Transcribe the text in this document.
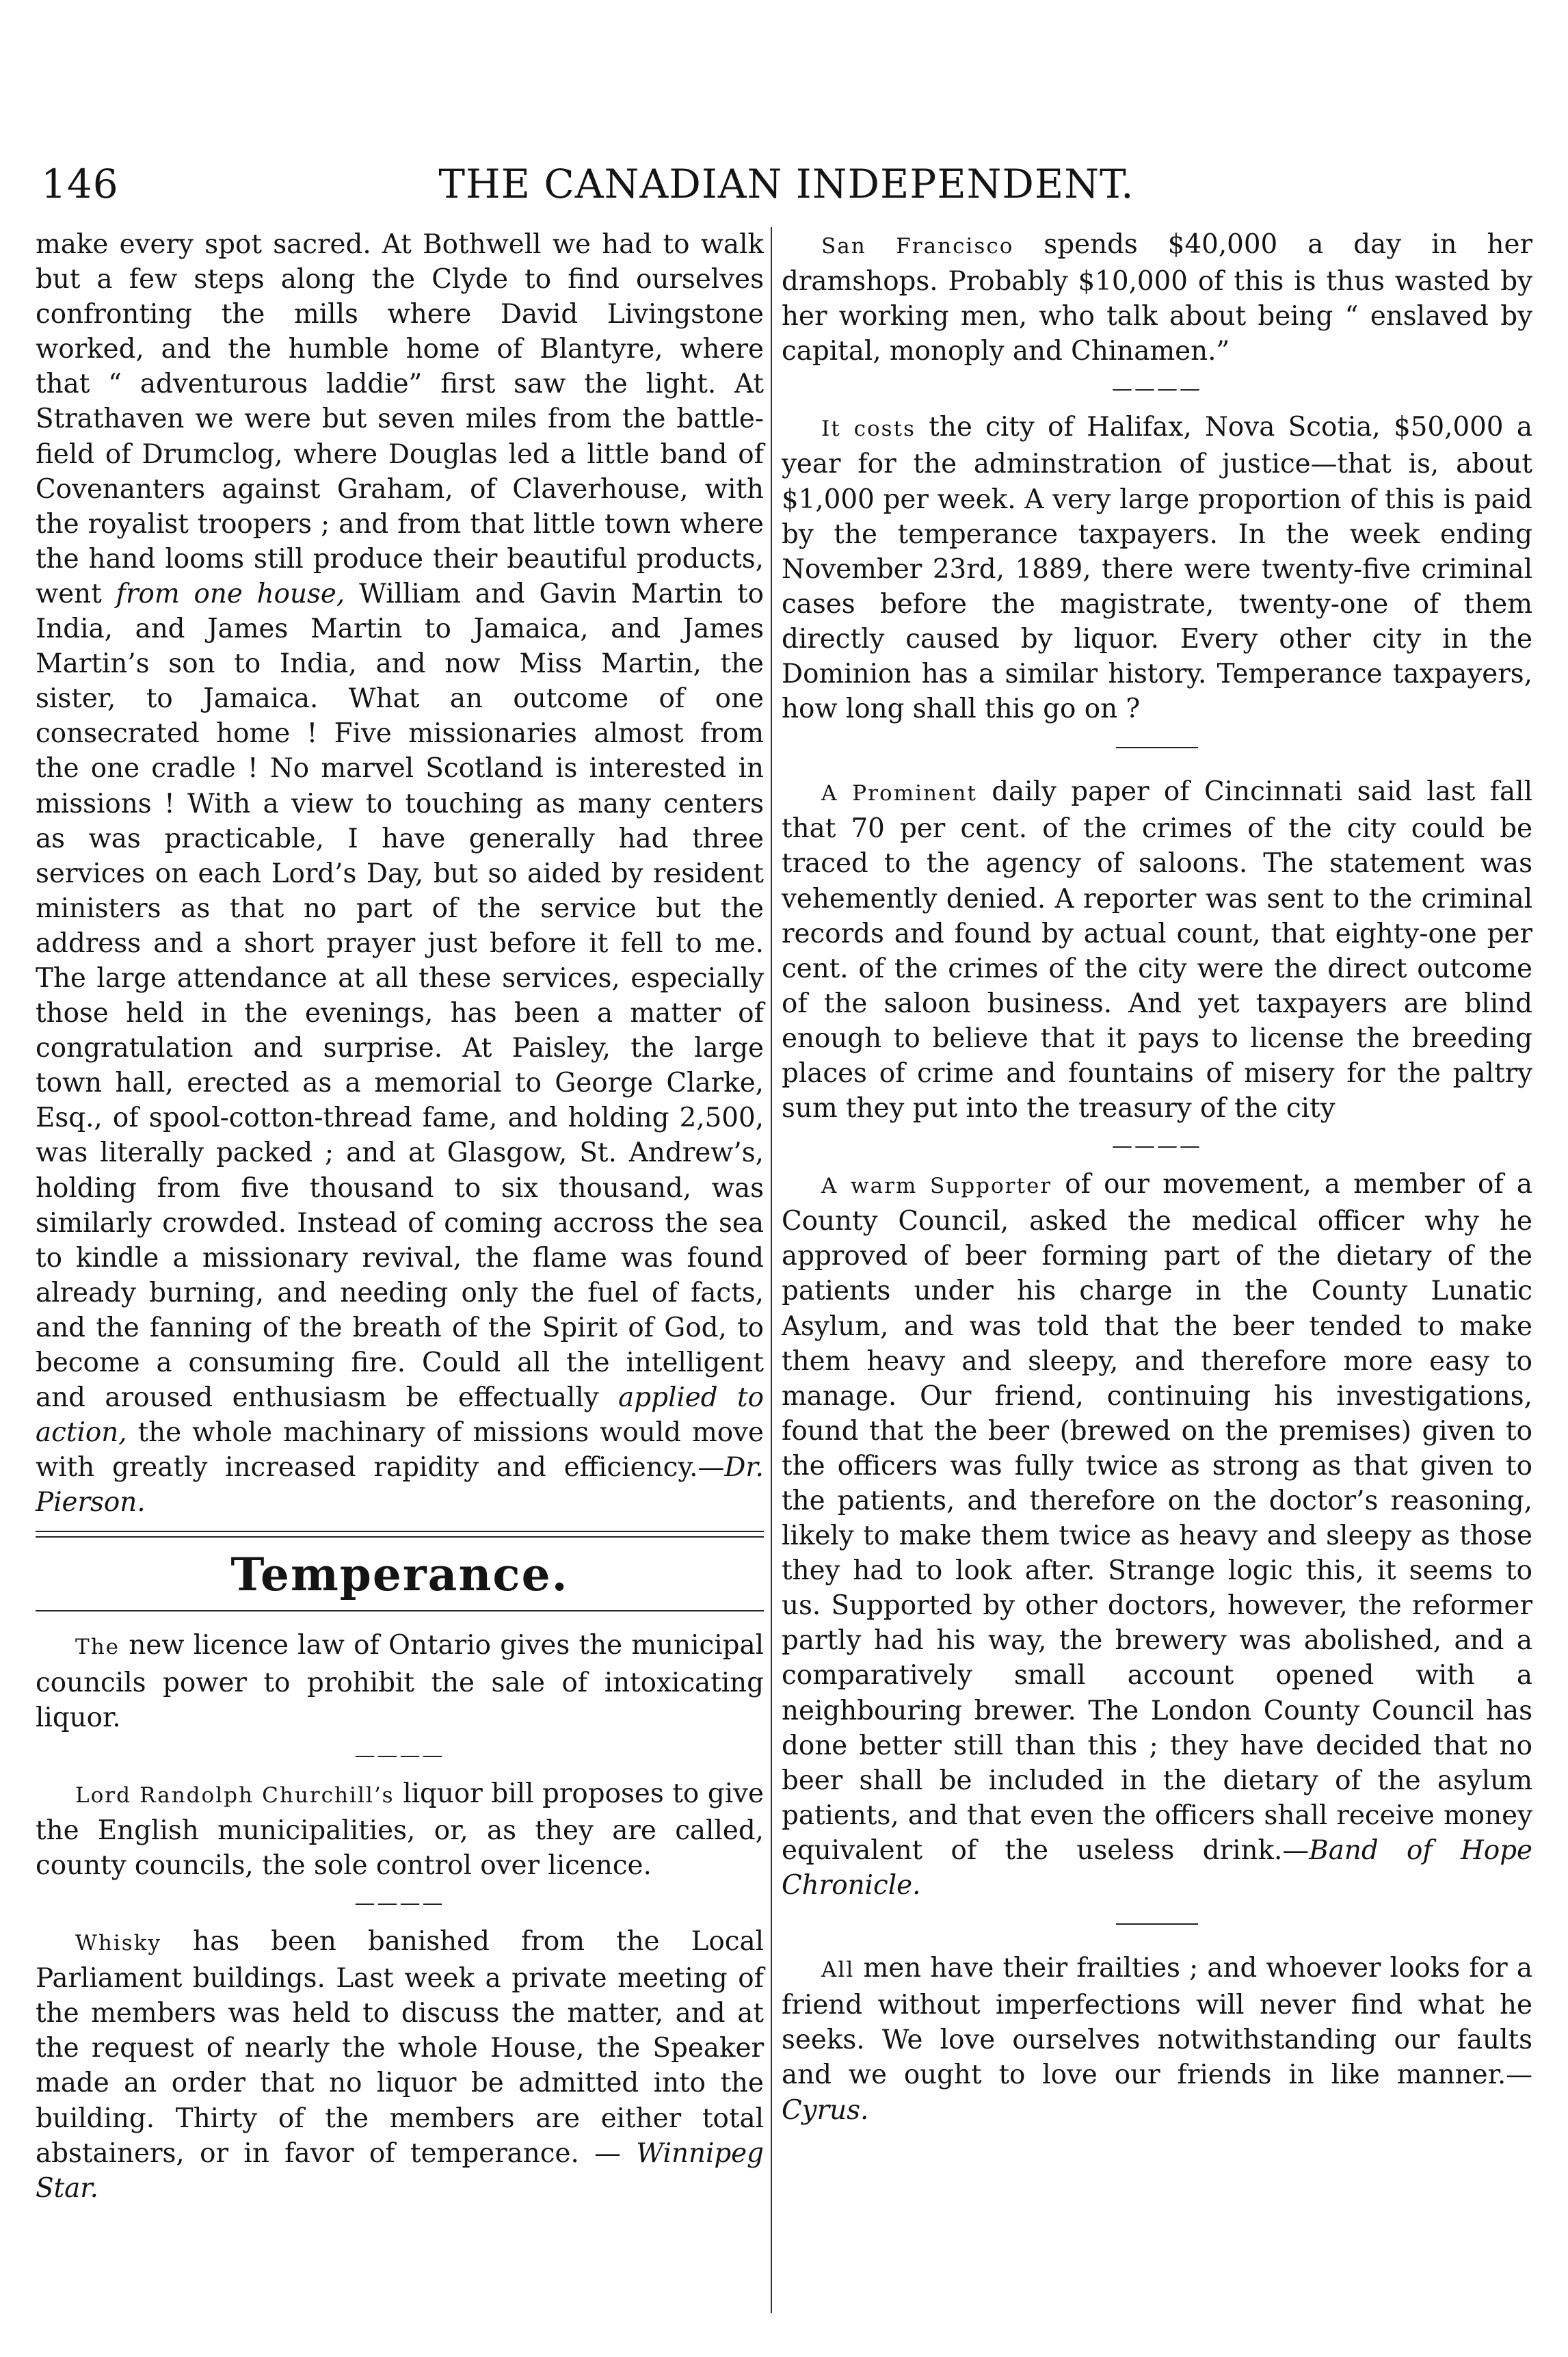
146	THE CANADIAN INDEPENDENT.

make every spot sacred. At Bothwell we had to walk but a few steps along the Clyde to find ourselves confronting the mills where David Livingstone worked, and the humble home of Blantyre, where that “ adventurous laddie” first saw the light. At Strathaven we were but seven miles from the battle-field of Drumclog, where Douglas led a little band of Covenanters against Graham, of Claverhouse, with the royalist troopers ; and from that little town where the hand looms still produce their beautiful products, went from one house, William and Gavin Martin to India, and James Martin to Jamaica, and James Martin’s son to India, and now Miss Martin, the sister, to Jamaica. What an outcome of one consecrated home ! Five missionaries almost from the one cradle ! No marvel Scotland is interested in missions ! With a view to touching as many centers as was practicable, I have generally had three services on each Lord’s Day, but so aided by resident ministers as that no part of the service but the address and a short prayer just before it fell to me. The large attendance at all these services, especially those held in the evenings, has been a matter of congratulation and surprise. At Paisley, the large town hall, erected as a memorial to George Clarke, Esq., of spool-cotton-thread fame, and holding 2,500, was literally packed ; and at Glasgow, St. Andrew’s, holding from five thousand to six thousand, was similarly crowded. Instead of coming accross the sea to kindle a missionary revival, the flame was found already burning, and needing only the fuel of facts, and the fanning of the breath of the Spirit of God, to become a consuming fire. Could all the intelligent and aroused enthusiasm be effectually applied to action, the whole machinary of missions would move with greatly increased rapidity and efficiency.—Dr. Pierson.

Temperance.

The new licence law of Ontario gives the municipal councils power to prohibit the sale of intoxicating liquor.

————

Lord Randolph Churchill’s liquor bill proposes to give the English municipalities, or, as they are called, county councils, the sole control over licence.

————

Whisky has been banished from the Local Parliament buildings. Last week a private meeting of the members was held to discuss the matter, and at the request of nearly the whole House, the Speaker made an order that no liquor be admitted into the building. Thirty of the members are either total abstainers, or in favor of temperance. — Winnipeg Star.

San Francisco spends $40,000 a day in her dramshops. Probably $10,000 of this is thus wasted by her working men, who talk about being “ enslaved by capital, monoply and Chinamen.”

————

It costs the city of Halifax, Nova Scotia, $50,000 a year for the adminstration of justice—that is, about $1,000 per week. A very large proportion of this is paid by the temperance taxpayers. In the week ending November 23rd, 1889, there were twenty-five criminal cases before the magistrate, twenty-one of them directly caused by liquor. Every other city in the Dominion has a similar history. Temperance taxpayers, how long shall this go on ?

A Prominent daily paper of Cincinnati said last fall that 70 per cent. of the crimes of the city could be traced to the agency of saloons. The statement was vehemently denied. A reporter was sent to the criminal records and found by actual count, that eighty-one per cent. of the crimes of the city were the direct outcome of the saloon business. And yet taxpayers are blind enough to believe that it pays to license the breeding places of crime and fountains of misery for the paltry sum they put into the treasury of the city

————

A warm Supporter of our movement, a member of a County Council, asked the medical officer why he approved of beer forming part of the dietary of the patients under his charge in the County Lunatic Asylum, and was told that the beer tended to make them heavy and sleepy, and therefore more easy to manage. Our friend, continuing his investigations, found that the beer (brewed on the premises) given to the officers was fully twice as strong as that given to the patients, and therefore on the doctor’s reasoning, likely to make them twice as heavy and sleepy as those they had to look after. Strange logic this, it seems to us. Supported by other doctors, however, the reformer partly had his way, the brewery was abolished, and a comparatively small account opened with a neighbouring brewer. The London County Council has done better still than this ; they have decided that no beer shall be included in the dietary of the asylum patients, and that even the officers shall receive money equivalent of the useless drink.—Band of Hope Chronicle.

All men have their frailties ; and whoever looks for a friend without imperfections will never find what he seeks. We love ourselves notwithstanding our faults and we ought to love our friends in like manner.—Cyrus.
